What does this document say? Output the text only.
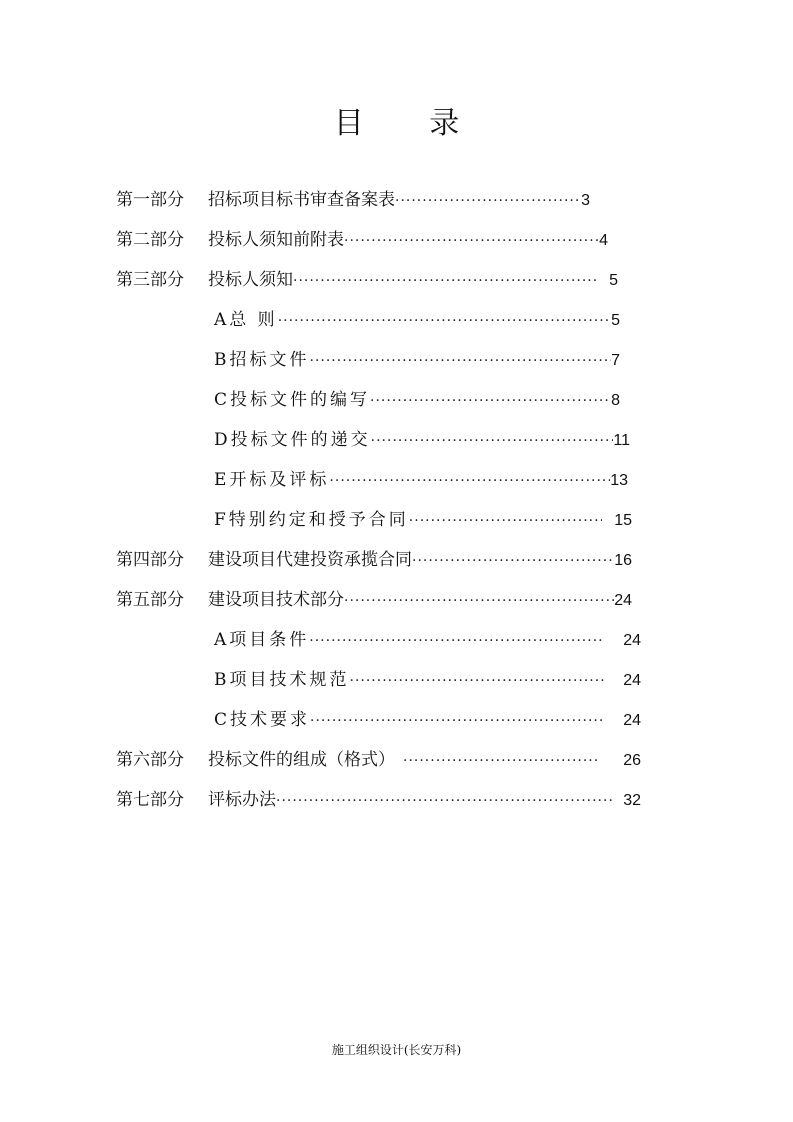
目 录
第一部分 招标项目标书审查备案表 ·····	3
第二部分 投标人须知前附表 ·····	4
第三部分 投标人须知 ·····	5
A总 则 ·····	5
B招标文件 ·····	7
C投标文件的编写 ·····	8
D投标文件的递交 ·····	11
E开标及评标 ·····	13
F特别约定和授予合同 ·····	15
第四部分 建设项目代建投资承揽合同 ·····	16
第五部分 建设项目技术部分 ·····	24
A项目条件 ·····	24
B项目技术规范 ·····	24
C技术要求 ·····	24
第六部分 投标文件的组成（格式） ·····	26
第七部分 评标办法 ·····	32
施工组织设计(长安万科)
